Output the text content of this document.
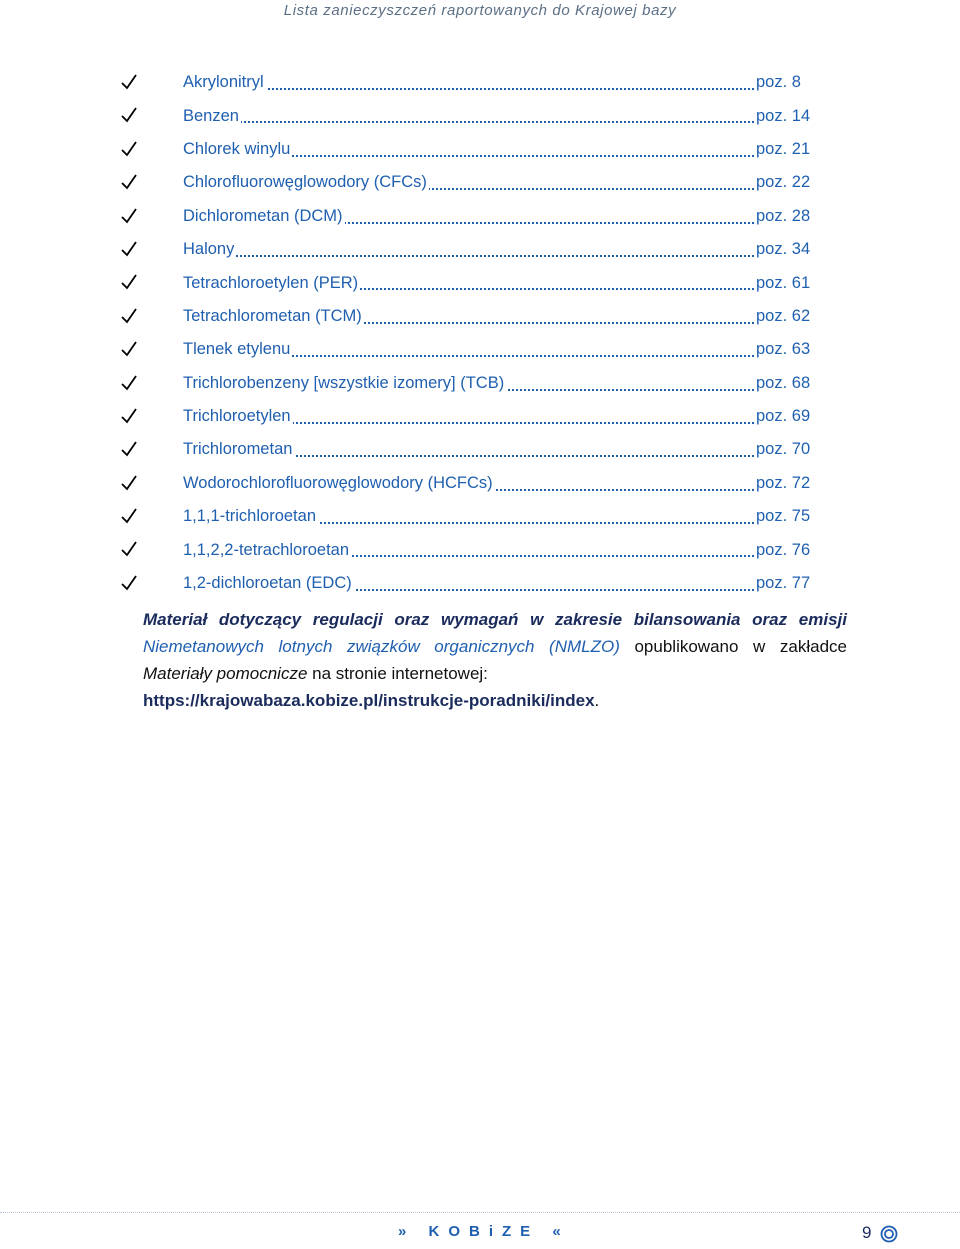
Lista zanieczyszczeń raportowanych do Krajowej bazy
Akrylonitryl	poz. 8
Benzen	poz. 14
Chlorek winylu	poz. 21
Chlorofluorowęglowodory (CFCs)	poz. 22
Dichlorometan (DCM)	poz. 28
Halony	poz. 34
Tetrachloroetylen (PER)	poz. 61
Tetrachlorometan (TCM)	poz. 62
Tlenek etylenu	poz. 63
Trichlorobenzeny [wszystkie izomery] (TCB)	poz. 68
Trichloroetylen	poz. 69
Trichlorometan	poz. 70
Wodorochlorofluorowęglowodory (HCFCs)	poz. 72
1,1,1-trichloroetan	poz. 75
1,1,2,2-tetrachloroetan	poz. 76
1,2-dichloroetan (EDC)	poz. 77
Materiał dotyczący regulacji oraz wymagań w zakresie bilansowania oraz emisji Niemetanowych lotnych związków organicznych (NMLZO) opublikowano w zakładce Materiały pomocnicze na stronie internetowej:
https://krajowabaza.kobize.pl/instrukcje-poradniki/index.
» KOBiZE «	9
